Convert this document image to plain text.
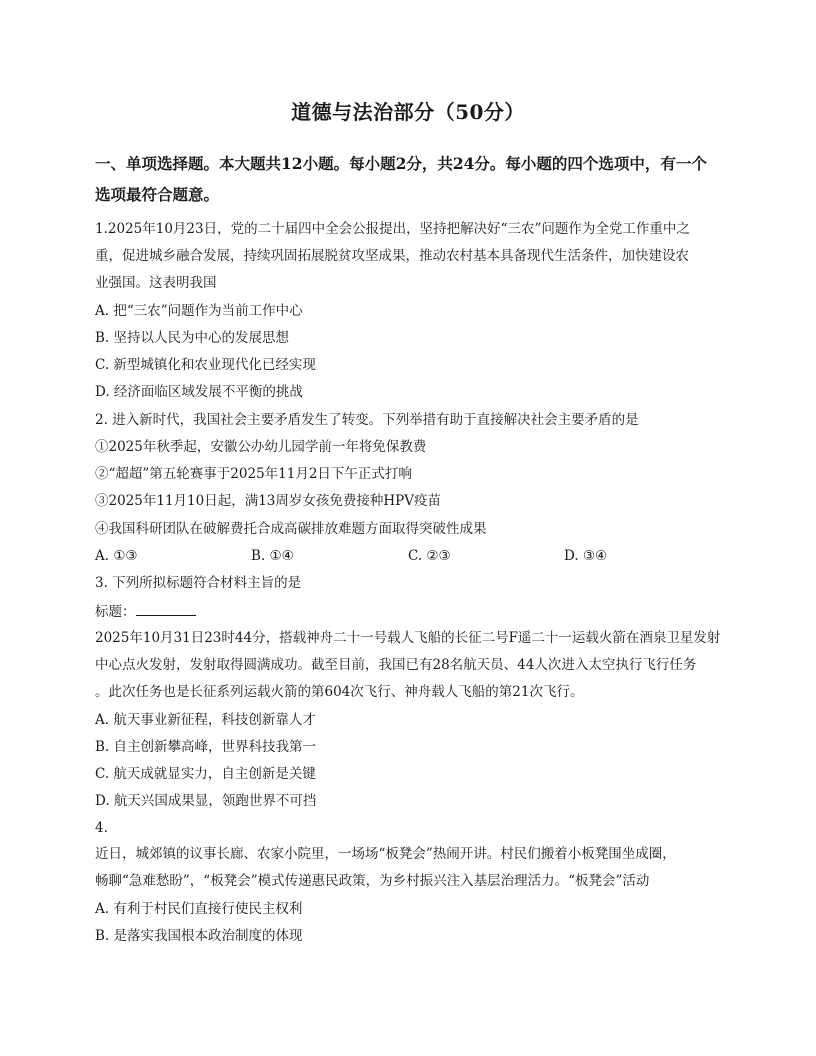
道德与法治部分（50分）
一、单项选择题。本大题共12小题。每小题2分，共24分。每小题的四个选项中，有一个
选项最符合题意。
1.2025年10月23日，党的二十届四中全会公报提出，坚持把解决好“三农”问题作为全党工作重中之
重，促进城乡融合发展，持续巩固拓展脱贫攻坚成果，推动农村基本具备现代生活条件，加快建设农
业强国。这表明我国
A. 把“三农”问题作为当前工作中心
B. 坚持以人民为中心的发展思想
C. 新型城镇化和农业现代化已经实现
D. 经济面临区域发展不平衡的挑战
2. 进入新时代，我国社会主要矛盾发生了转变。下列举措有助于直接解决社会主要矛盾的是
①2025年秋季起，安徽公办幼儿园学前一年将免保教费
②“超超”第五轮赛事于2025年11月2日下午正式打响
③2025年11月10日起，满13周岁女孩免费接种HPV疫苗
④我国科研团队在破解费托合成高碳排放难题方面取得突破性成果
A. ①③	B. ①④	C. ②③	D. ③④
3. 下列所拟标题符合材料主旨的是
标题：
2025年10月31日23时44分，搭载神舟二十一号载人飞船的长征二号F遥二十一运载火箭在酒泉卫星发射
中心点火发射，发射取得圆满成功。截至目前，我国已有28名航天员、44人次进入太空执行飞行任务
。此次任务也是长征系列运载火箭的第604次飞行、神舟载人飞船的第21次飞行。
A. 航天事业新征程，科技创新靠人才
B. 自主创新攀高峰，世界科技我第一
C. 航天成就显实力，自主创新是关键
D. 航天兴国成果显，领跑世界不可挡
4.
近日，城郊镇的议事长廊、农家小院里，一场场“板凳会”热闹开讲。村民们搬着小板凳围坐成圈，
畅聊“急难愁盼”，“板凳会”模式传递惠民政策，为乡村振兴注入基层治理活力。“板凳会”活动
A. 有利于村民们直接行使民主权利
B. 是落实我国根本政治制度的体现
